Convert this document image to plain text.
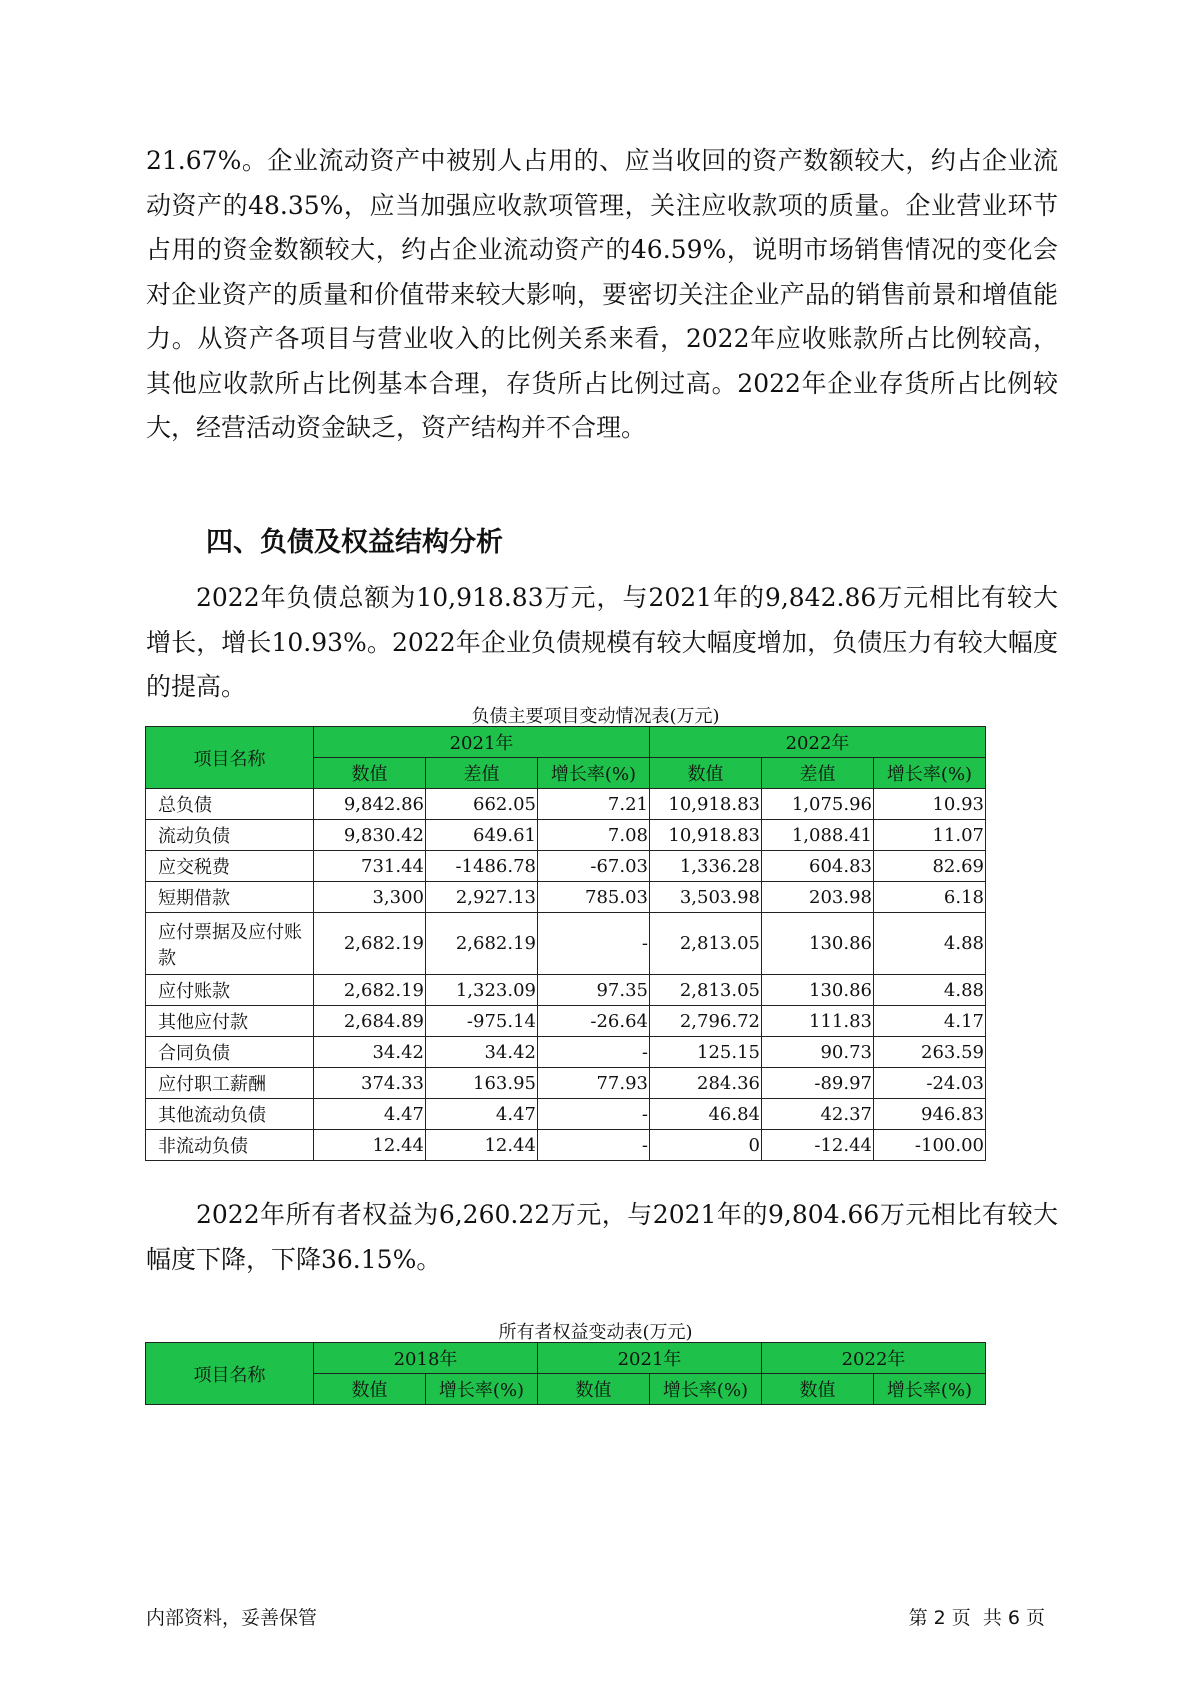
21.67%。企业流动资产中被别人占用的、应当收回的资产数额较大，约占企业流动资产的48.35%，应当加强应收款项管理，关注应收款项的质量。企业营业环节占用的资金数额较大，约占企业流动资产的46.59%，说明市场销售情况的变化会对企业资产的质量和价值带来较大影响，要密切关注企业产品的销售前景和增值能力。从资产各项目与营业收入的比例关系来看，2022年应收账款所占比例较高，其他应收款所占比例基本合理，存货所占比例过高。2022年企业存货所占比例较大，经营活动资金缺乏，资产结构并不合理。

四、负债及权益结构分析

2022年负债总额为10,918.83万元，与2021年的9,842.86万元相比有较大增长，增长10.93%。2022年企业负债规模有较大幅度增加，负债压力有较大幅度的提高。

负债主要项目变动情况表(万元)
项目名称	2021年			2022年		
	数值	差值	增长率(%)	数值	差值	增长率(%)
总负债	9,842.86	662.05	7.21	10,918.83	1,075.96	10.93
流动负债	9,830.42	649.61	7.08	10,918.83	1,088.41	11.07
应交税费	731.44	-1486.78	-67.03	1,336.28	604.83	82.69
短期借款	3,300	2,927.13	785.03	3,503.98	203.98	6.18
应付票据及应付账款	2,682.19	2,682.19	-	2,813.05	130.86	4.88
应付账款	2,682.19	1,323.09	97.35	2,813.05	130.86	4.88
其他应付款	2,684.89	-975.14	-26.64	2,796.72	111.83	4.17
合同负债	34.42	34.42	-	125.15	90.73	263.59
应付职工薪酬	374.33	163.95	77.93	284.36	-89.97	-24.03
其他流动负债	4.47	4.47	-	46.84	42.37	946.83
非流动负债	12.44	12.44	-	0	-12.44	-100.00

2022年所有者权益为6,260.22万元，与2021年的9,804.66万元相比有较大幅度下降，下降36.15%。

所有者权益变动表(万元)
项目名称	2018年		2021年		2022年	
	数值	增长率(%)	数值	增长率(%)	数值	增长率(%)
内部资料，妥善保管	第 2 页  共 6 页
